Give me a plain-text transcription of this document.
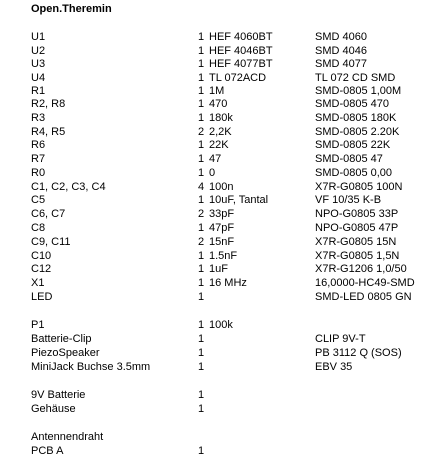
Open.Theremin
U1	1 HEF 4060BT	SMD 4060
U2	1 HEF 4046BT	SMD 4046
U3	1 HEF 4077BT	SMD 4077
U4	1 TL 072ACD	TL 072 CD SMD
R1	1 1M	SMD-0805 1,00M
R2, R8	1 470	SMD-0805 470
R3	1 180k	SMD-0805 180K
R4, R5	2 2,2K	SMD-0805 2.20K
R6	1 22K	SMD-0805 22K
R7	1 47	SMD-0805 47
R0	1 0	SMD-0805 0,00
C1, C2, C3, C4	4 100n	X7R-G0805 100N
C5	1 10uF, Tantal	VF 10/35 K-B
C6, C7	2 33pF	NPO-G0805 33P
C8	1 47pF	NPO-G0805 47P
C9, C11	2 15nF	X7R-G0805 15N
C10	1 1.5nF	X7R-G0805 1,5N
C12	1 1uF	X7R-G1206 1,0/50
X1	1 16 MHz	16,0000-HC49-SMD
LED	1	SMD-LED 0805 GN
P1	1 100k
Batterie-Clip	1	CLIP 9V-T
PiezoSpeaker	1	PB 3112 Q (SOS)
MiniJack Buchse 3.5mm	1	EBV 35
9V Batterie	1
Gehäuse	1
Antennendraht
PCB A	1
